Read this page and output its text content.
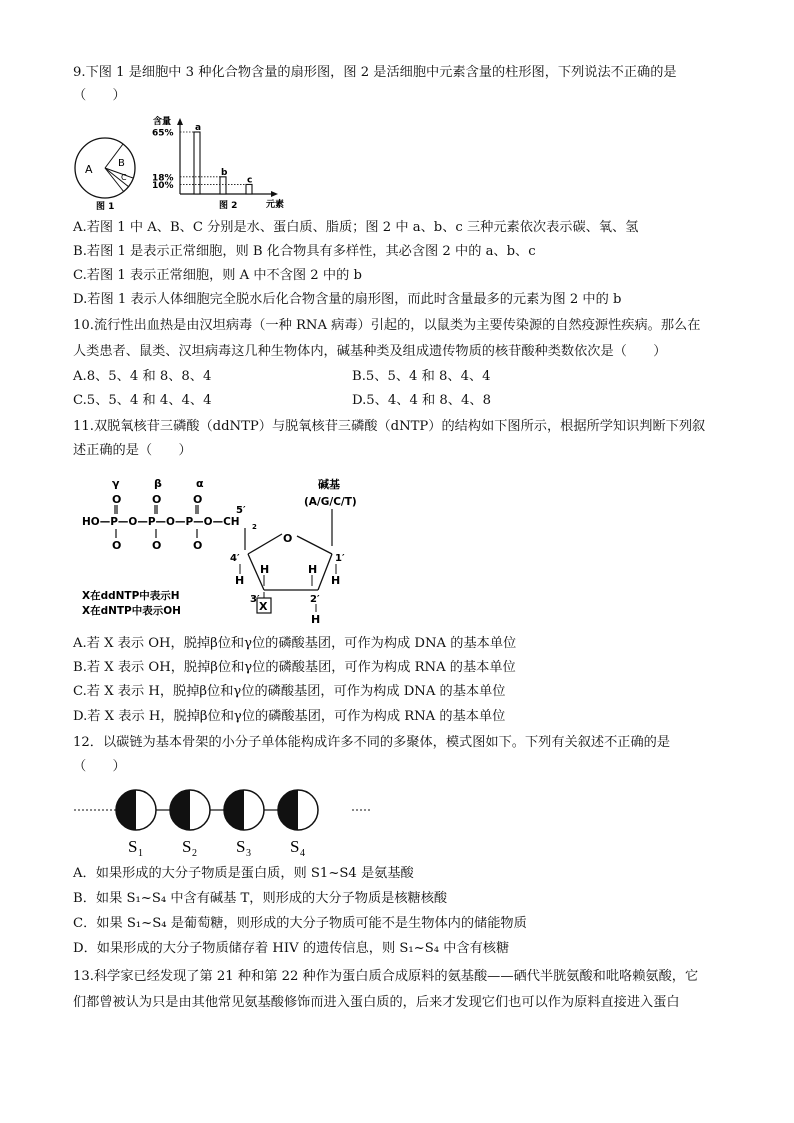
9.下图 1 是细胞中 3 种化合物含量的扇形图，图 2 是活细胞中元素含量的柱形图，下列说法不正确的是
（　　）
A	B
C
图 1
含量
元素
图 2
a
65%
b
18%	c
10%
A.若图 1 中 A、B、C 分别是水、蛋白质、脂质；图 2 中 a、b、c 三种元素依次表示碳、氧、氢
B.若图 1 是表示正常细胞，则 B 化合物具有多样性，其必含图 2 中的 a、b、c
C.若图 1 表示正常细胞，则 A 中不含图 2 中的 b
D.若图 1 表示人体细胞完全脱水后化合物含量的扇形图，而此时含量最多的元素为图 2 中的 b
10.流行性出血热是由汉坦病毒（一种 RNA 病毒）引起的，以鼠类为主要传染源的自然疫源性疾病。那么在
人类患者、鼠类、汉坦病毒这几种生物体内，碱基种类及组成遗传物质的核苷酸种类数依次是（　　）
A.8、5、4 和 8、8、4	B.5、5、4 和 8、4、4
C.5、5、4 和 4、4、4	D.5、4、4 和 8、4、8
11.双脱氧核苷三磷酸（ddNTP）与脱氧核苷三磷酸（dNTP）的结构如下图所示，根据所学知识判断下列叙
述正确的是（　　）
γ	β	α
O	O	O
HO—P—O—P—O—P—O—CH 2
O	O	O
碱基
(A/G/C/T)
5′
O
4′	1′
H	H
H	H
3′	2′
X
H
X在ddNTP中表示H
X在dNTP中表示OH
A.若 X 表示 OH，脱掉β位和γ位的磷酸基团，可作为构成 DNA 的基本单位
B.若 X 表示 OH，脱掉β位和γ位的磷酸基团，可作为构成 RNA 的基本单位
C.若 X 表示 H，脱掉β位和γ位的磷酸基团，可作为构成 DNA 的基本单位
D.若 X 表示 H，脱掉β位和γ位的磷酸基团，可作为构成 RNA 的基本单位
12．以碳链为基本骨架的小分子单体能构成许多不同的多聚体，模式图如下。下列有关叙述不正确的是
（　　）
S 1 S 2 S 3 S 4
A．如果形成的大分子物质是蛋白质，则 S1~S4 是氨基酸
B．如果 S₁~S₄ 中含有碱基 T，则形成的大分子物质是核糖核酸
C．如果 S₁~S₄ 是葡萄糖，则形成的大分子物质可能不是生物体内的储能物质
D．如果形成的大分子物质储存着 HIV 的遗传信息，则 S₁~S₄ 中含有核糖
13.科学家已经发现了第 21 种和第 22 种作为蛋白质合成原料的氨基酸——硒代半胱氨酸和吡咯赖氨酸，它
们都曾被认为只是由其他常见氨基酸修饰而进入蛋白质的，后来才发现它们也可以作为原料直接进入蛋白
